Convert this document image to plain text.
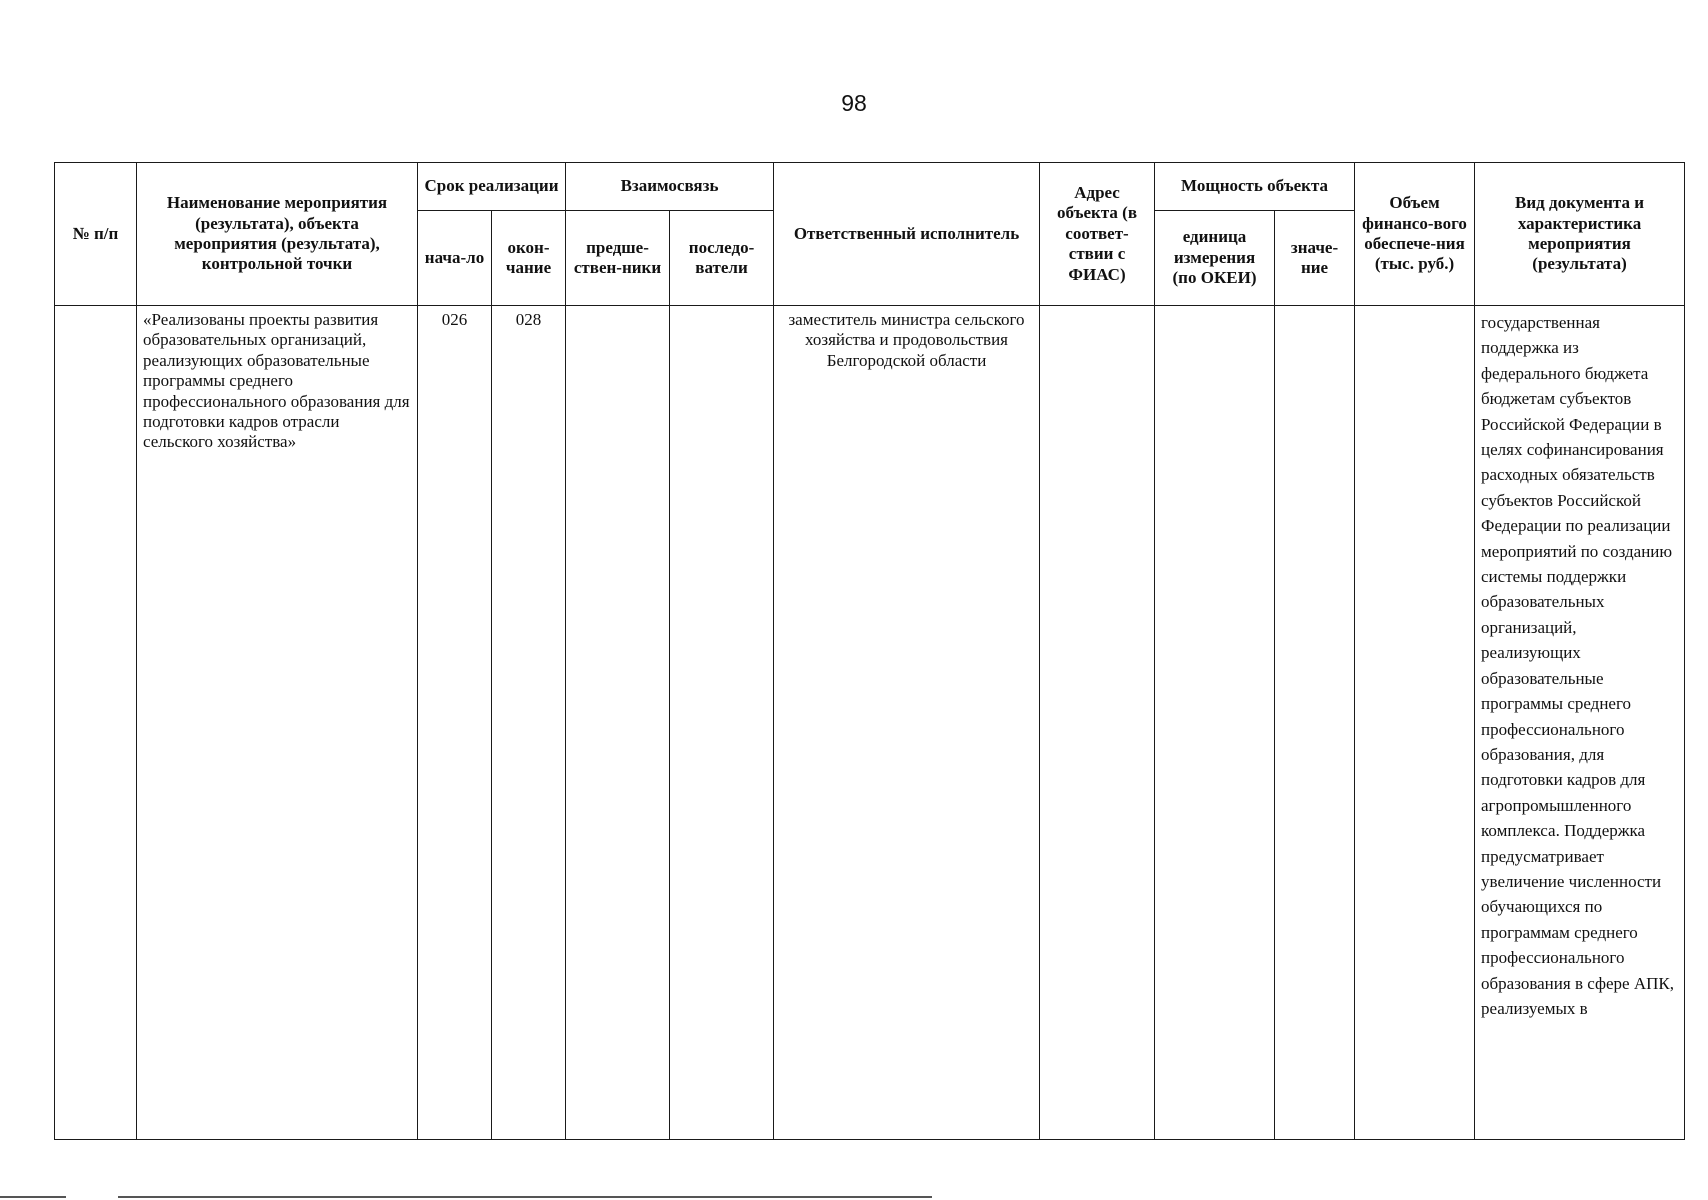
98
№ п/п	Наименование мероприятия (результата), объекта мероприятия (результата), контрольной точки	Срок реализации		Взаимосвязь		Ответственный исполнитель	Адрес объекта (в соответ-ствии с ФИАС)	Мощность объекта		Объем финансо-вого обеспече-ния (тыс. руб.)	Вид документа и характеристика мероприятия (результата)
		нача-ло	окон-чание	предше-ствен-ники	последо-ватели			единица измерения (по ОКЕИ)	значе-ние		
	«Реализованы проекты развития образовательных организаций, реализующих образовательные программы среднего профессионального образования для подготовки кадров отрасли сельского хозяйства»	026	028			заместитель министра сельского хозяйства и продовольствия Белгородской области					государственная поддержка из федерального бюджета бюджетам субъектов Российской Федерации в целях софинансирования расходных обязательств субъектов Российской Федерации по реализации мероприятий по созданию системы поддержки образовательных организаций, реализующих образовательные программы среднего профессионального образования, для подготовки кадров для агропромышленного комплекса. Поддержка предусматривает увеличение численности обучающихся по программам среднего профессионального образования в сфере АПК, реализуемых в
